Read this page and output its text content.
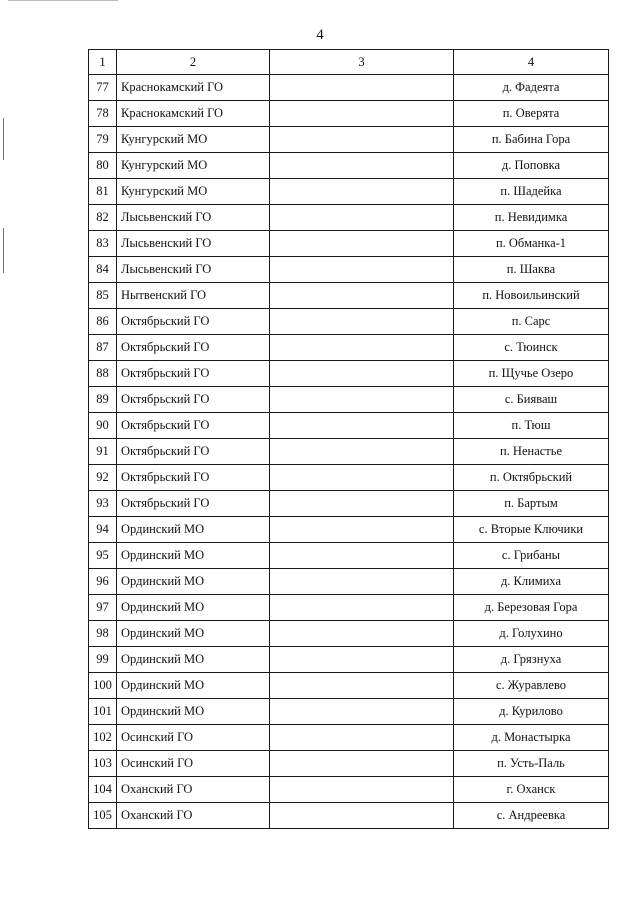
4
1	2	3	4
77	Краснокамский ГО		д. Фадеята
78	Краснокамский ГО		п. Оверята
79	Кунгурский МО		п. Бабина Гора
80	Кунгурский МО		д. Поповка
81	Кунгурский МО		п. Шадейка
82	Лысьвенский ГО		п. Невидимка
83	Лысьвенский ГО		п. Обманка-1
84	Лысьвенский ГО		п. Шаква
85	Нытвенский ГО		п. Новоильинский
86	Октябрьский ГО		п. Сарс
87	Октябрьский ГО		с. Тюинск
88	Октябрьский ГО		п. Щучье Озеро
89	Октябрьский ГО		с. Бияваш
90	Октябрьский ГО		п. Тюш
91	Октябрьский ГО		п. Ненастье
92	Октябрьский ГО		п. Октябрьский
93	Октябрьский ГО		п. Бартым
94	Ординский МО		с. Вторые Ключики
95	Ординский МО		с. Грибаны
96	Ординский МО		д. Климиха
97	Ординский МО		д. Березовая Гора
98	Ординский МО		д. Голухино
99	Ординский МО		д. Грязнуха
100	Ординский МО		с. Журавлево
101	Ординский МО		д. Курилово
102	Осинский ГО		д. Монастырка
103	Осинский ГО		п. Усть-Паль
104	Оханский ГО		г. Оханск
105	Оханский ГО		с. Андреевка
